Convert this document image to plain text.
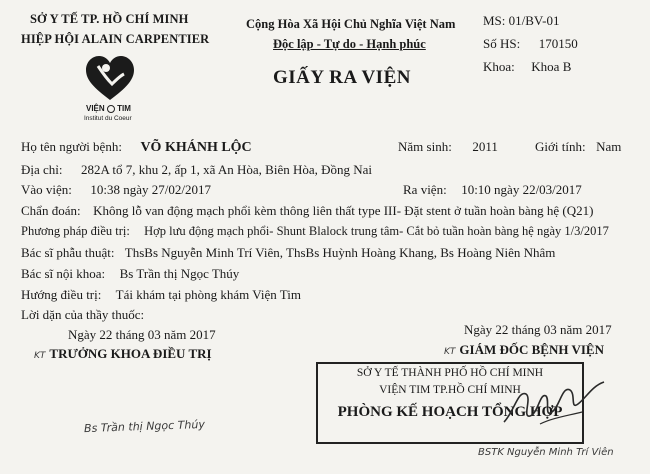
SỞ Y TẾ TP. HỒ CHÍ MINH
HIỆP HỘI ALAIN CARPENTIER
VIỆN TIM
Institut du Coeur
Cộng Hòa Xã Hội Chủ Nghĩa Việt Nam
Độc lập - Tự do - Hạnh phúc
GIẤY RA VIỆN
MS: 01/BV-01
Số HS: 170150
Khoa: Khoa B
Họ tên người bệnh: VÕ KHÁNH LỘC	Năm sinh: 2011	Giới tính: Nam
Địa chỉ: 282A tổ 7, khu 2, ấp 1, xã An Hòa, Biên Hòa, Đồng Nai
Vào viện: 10:38 ngày 27/02/2017	Ra viện: 10:10 ngày 22/03/2017
Chẩn đoán: Không lỗ van động mạch phổi kèm thông liên thất type III- Đặt stent ở tuần hoàn bàng hệ (Q21)
Phương pháp điều trị: Hợp lưu động mạch phổi- Shunt Blalock trung tâm- Cắt bỏ tuần hoàn bàng hệ ngày 1/3/2017
Bác sĩ phẫu thuật: ThsBs Nguyễn Minh Trí Viên, ThsBs Huỳnh Hoàng Khang, Bs Hoàng Niên Nhâm
Bác sĩ nội khoa: Bs Trần thị Ngọc Thúy
Hướng điều trị: Tái khám tại phòng khám Viện Tim
Lời dặn của thầy thuốc:
Ngày 22 tháng 03 năm 2017
KT TRƯỞNG KHOA ĐIỀU TRỊ
Bs Trần thị Ngọc Thúy
Ngày 22 tháng 03 năm 2017
KT GIÁM ĐỐC BỆNH VIỆN
SỞ Y TẾ THÀNH PHỐ HỒ CHÍ MINH
VIỆN TIM TP.HỒ CHÍ MINH
PHÒNG KẾ HOẠCH TỔNG HỢP
BSTK Nguyễn Minh Trí Viên
